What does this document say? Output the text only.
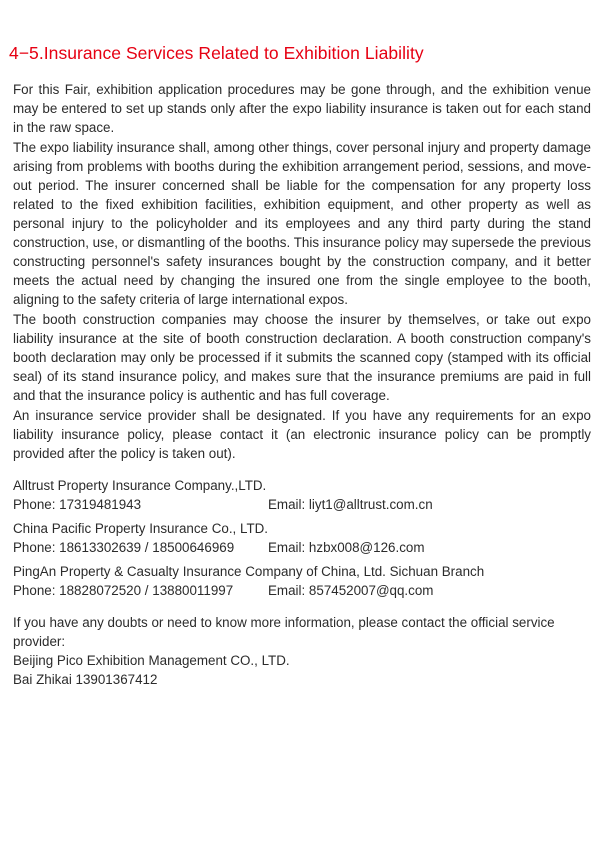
4−5.Insurance Services Related to Exhibition Liability

For this Fair, exhibition application procedures may be gone through, and the exhibition venue may be entered to set up stands only after the expo liability insurance is taken out for each stand in the raw space.

The expo liability insurance shall, among other things, cover personal injury and property damage arising from problems with booths during the exhibition arrangement period, sessions, and move-out period. The insurer concerned shall be liable for the compensation for any property loss related to the fixed exhibition facilities, exhibition equipment, and other property as well as personal injury to the policyholder and its employees and any third party during the stand construction, use, or dismantling of the booths. This insurance policy may supersede the previous constructing personnel's safety insurances bought by the construction company, and it better meets the actual need by changing the insured one from the single employee to the booth, aligning to the safety criteria of large international expos.

The booth construction companies may choose the insurer by themselves, or take out expo liability insurance at the site of booth construction declaration. A booth construction company's booth declaration may only be processed if it submits the scanned copy (stamped with its official seal) of its stand insurance policy, and makes sure that the insurance premiums are paid in full and that the insurance policy is authentic and has full coverage.

An insurance service provider shall be designated. If you have any requirements for an expo liability insurance policy, please contact it (an electronic insurance policy can be promptly provided after the policy is taken out).

Alltrust Property Insurance Company.,LTD.

Phone: 17319481943	Email: liyt1@alltrust.com.cn

China Pacific Property Insurance Co., LTD.

Phone: 18613302639 / 18500646969	Email: hzbx008@126.com

PingAn Property & Casualty Insurance Company of China, Ltd. Sichuan Branch

Phone: 18828072520 / 13880011997	Email: 857452007@qq.com

If you have any doubts or need to know more information, please contact the official service provider:

Beijing Pico Exhibition Management CO., LTD.

Bai Zhikai 13901367412
